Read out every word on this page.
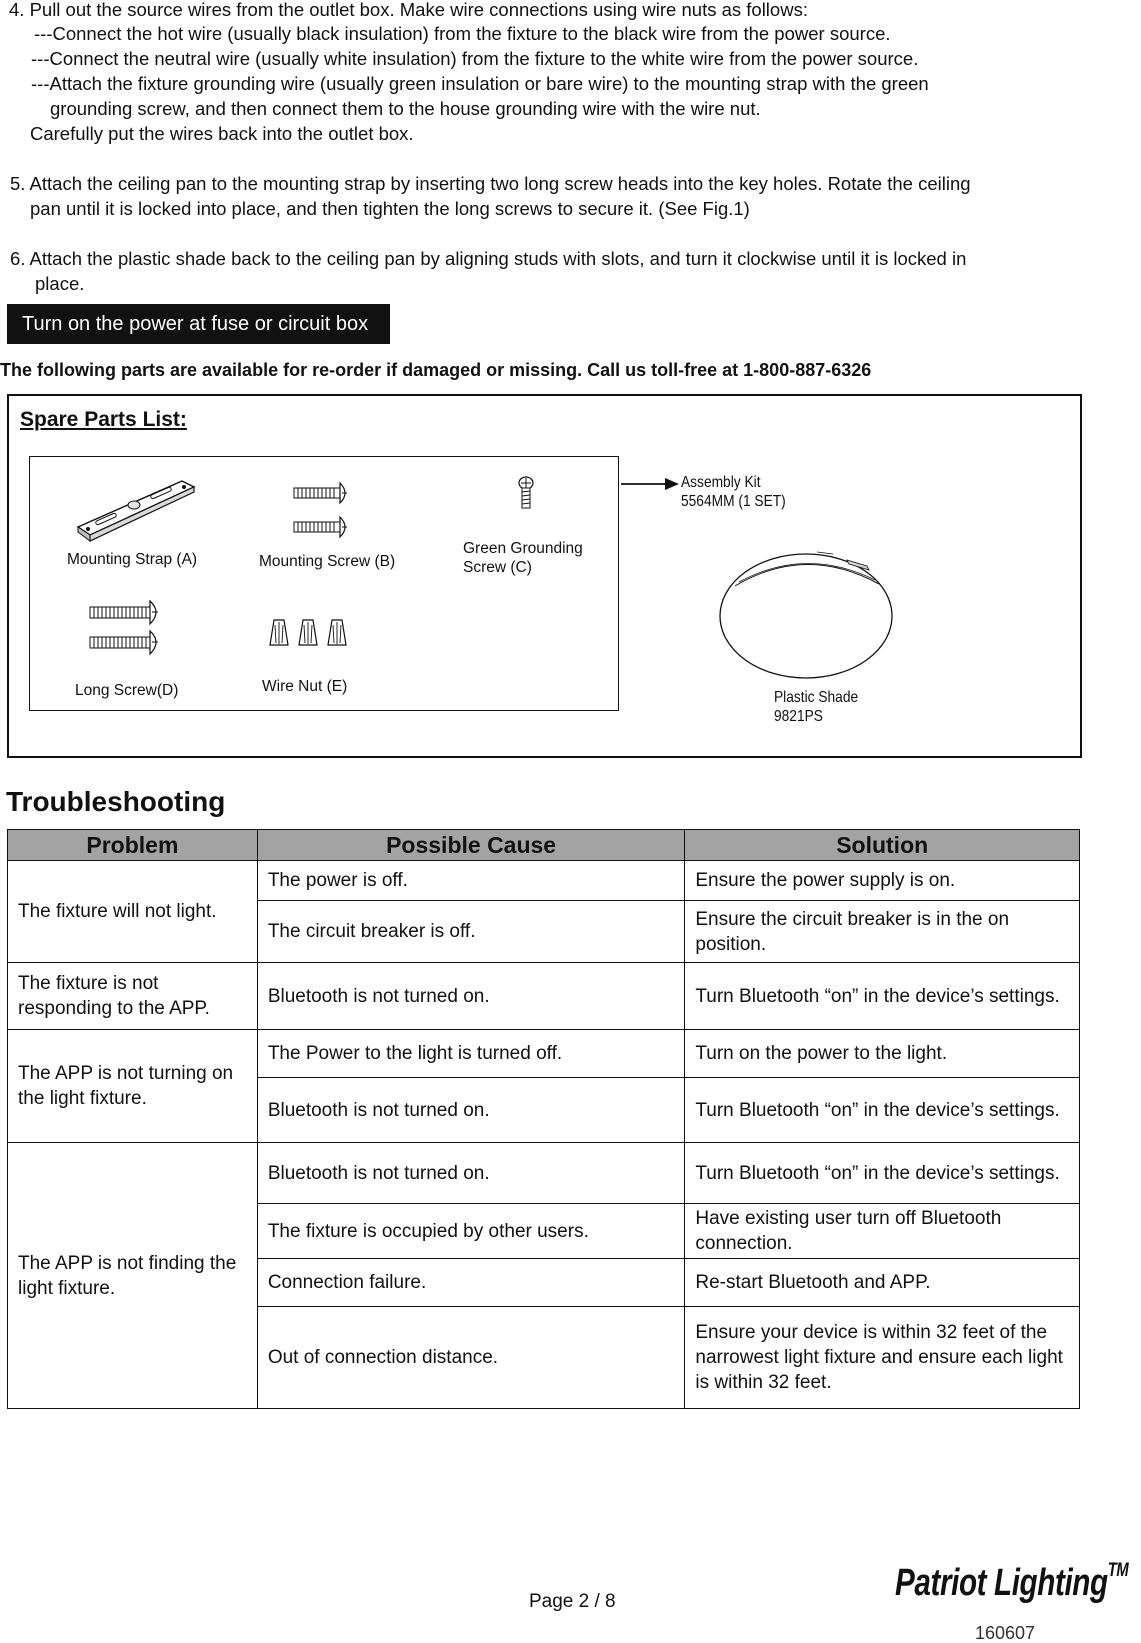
4. Pull out the source wires from the outlet box. Make wire connections using wire nuts as follows:
---Connect the hot wire (usually black insulation) from the fixture to the black wire from the power source.
---Connect the neutral wire (usually white insulation) from the fixture to the white wire from the power source.
---Attach the fixture grounding wire (usually green insulation or bare wire) to the mounting strap with the green
grounding screw, and then connect them to the house grounding wire with the wire nut.
Carefully put the wires back into the outlet box.
5. Attach the ceiling pan to the mounting strap by inserting two long screw heads into the key holes. Rotate the ceiling
pan until it is locked into place, and then tighten the long screws to secure it. (See Fig.1)
6. Attach the plastic shade back to the ceiling pan by aligning studs with slots, and turn it clockwise until it is locked in
place.
Turn on the power at fuse or circuit box
The following parts are available for re-order if damaged or missing. Call us toll-free at 1-800-887-6326
Spare Parts List:
Mounting Strap (A)	Mounting Screw (B)
Green Grounding
Screw (C)
Long Screw(D)	Wire Nut (E)
Assembly Kit
5564MM (1 SET)
Plastic Shade
9821PS
Troubleshooting
Problem	Possible Cause	Solution
The fixture will not light.	The power is off.	Ensure the power supply is on.
	The circuit breaker is off.	Ensure the circuit breaker is in the on position.
The fixture is not responding to the APP.	Bluetooth is not turned on.	Turn Bluetooth “on” in the device’s settings.
The APP is not turning on the light fixture.	The Power to the light is turned off.	Turn on the power to the light.
	Bluetooth is not turned on.	Turn Bluetooth “on” in the device’s settings.
The APP is not finding the light fixture.	Bluetooth is not turned on.	Turn Bluetooth “on” in the device’s settings.
	The fixture is occupied by other users.	Have existing user turn off Bluetooth connection.
	Connection failure.	Re-start Bluetooth and APP.
	Out of connection distance.	Ensure your device is within 32 feet of the narrowest light fixture and ensure each light is within 32 feet.
Page 2 / 8	Patriot Lighting™
160607
